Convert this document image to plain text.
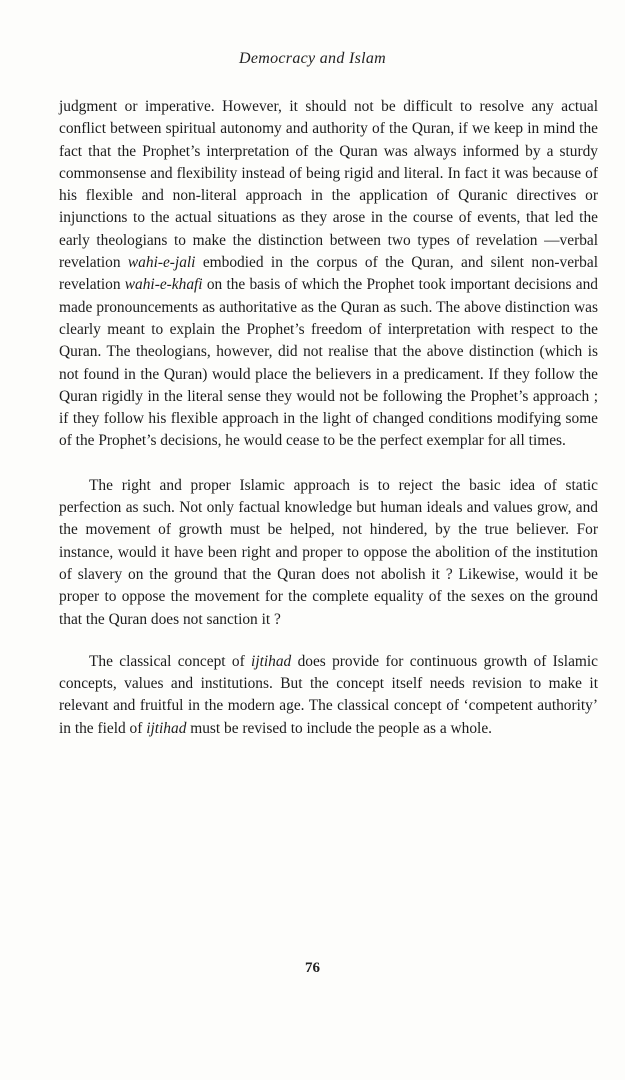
Democracy and Islam

judgment or imperative. However, it should not be difficult to resolve any actual conflict between spiritual autonomy and authority of the Quran, if we keep in mind the fact that the Prophet’s interpretation of the Quran was always informed by a sturdy commonsense and flexibility instead of being rigid and literal. In fact it was because of his flexible and non-literal approach in the application of Quranic directives or injunctions to the actual situations as they arose in the course of events, that led the early theologians to make the distinction between two types of revelation —verbal revelation wahi-e-jali embodied in the corpus of the Quran, and silent non-verbal revelation wahi-e-khafi on the basis of which the Prophet took important decisions and made pronouncements as authoritative as the Quran as such. The above distinction was clearly meant to explain the Prophet’s freedom of interpretation with respect to the Quran. The theologians, however, did not realise that the above distinction (which is not found in the Quran) would place the believers in a predicament. If they follow the Quran rigidly in the literal sense they would not be following the Prophet’s approach ; if they follow his flexible approach in the light of changed conditions modifying some of the Prophet’s decisions, he would cease to be the perfect exemplar for all times.

The right and proper Islamic approach is to reject the basic idea of static perfection as such. Not only factual knowledge but human ideals and values grow, and the movement of growth must be helped, not hindered, by the true believer. For instance, would it have been right and proper to oppose the abolition of the institution of slavery on the ground that the Quran does not abolish it ? Likewise, would it be proper to oppose the movement for the complete equality of the sexes on the ground that the Quran does not sanction it ?

The classical concept of ijtihad does provide for continuous growth of Islamic concepts, values and institutions. But the concept itself needs revision to make it relevant and fruitful in the modern age. The classical concept of ‘competent authority’ in the field of ijtihad must be revised to include the people as a whole.

76
